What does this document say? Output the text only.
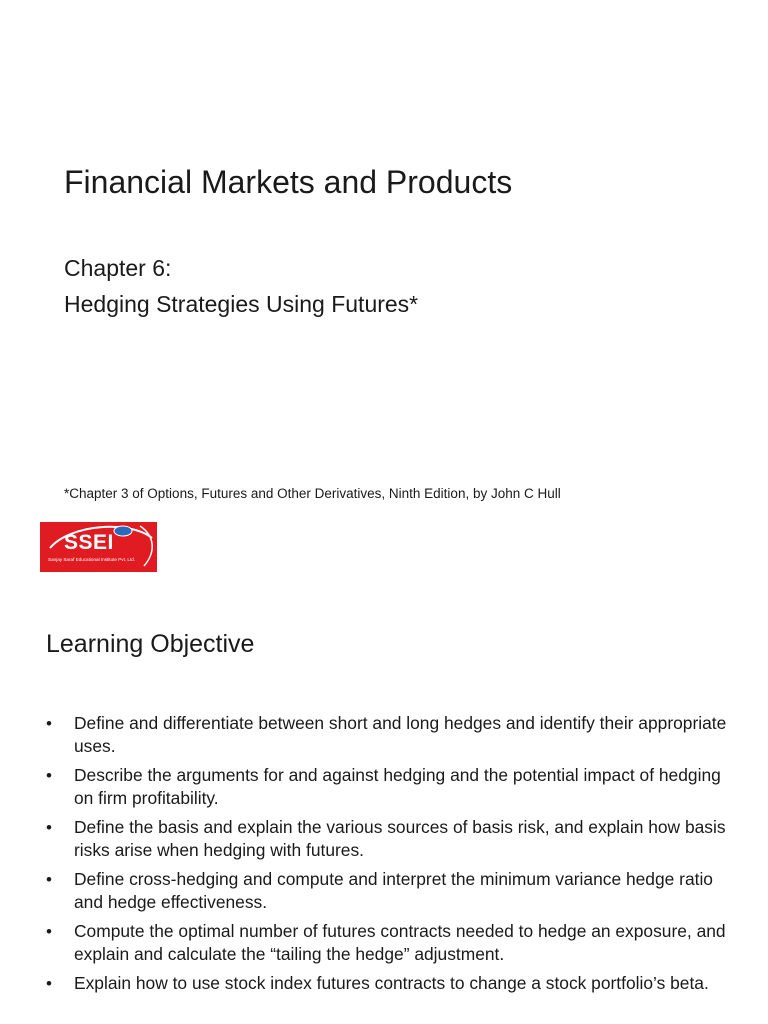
Financial Markets and Products
Chapter 6:
Hedging Strategies Using Futures*
*Chapter 3 of Options, Futures and Other Derivatives, Ninth Edition, by John C Hull
SSEI
Sanjay Saraf Educational Institute Pvt. Ltd.
Learning Objective
• Define and differentiate between short and long hedges and identify their appropriate uses.
• Describe the arguments for and against hedging and the potential impact of hedging on firm profitability.
• Define the basis and explain the various sources of basis risk, and explain how basis risks arise when hedging with futures.
• Define cross-hedging and compute and interpret the minimum variance hedge ratio and hedge effectiveness.
• Compute the optimal number of futures contracts needed to hedge an exposure, and explain and calculate the “tailing the hedge” adjustment.
• Explain how to use stock index futures contracts to change a stock portfolio’s beta.
